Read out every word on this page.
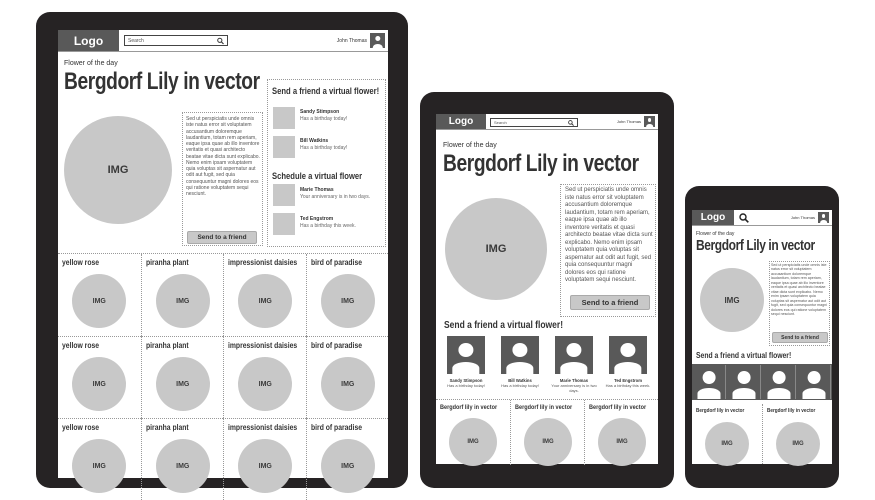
Logo	Search	John Thomas
Flower of the day
Bergdorf Lily in vector
IMG
Sed ut perspiciatis unde omnis iste natus error sit voluptatem accusantium doloremque laudantium, totam rem aperiam, eaque ipsa quae ab illo inventore veritatis et quasi architecto beatae vitae dicta sunt explicabo. Nemo enim ipsam voluptatem quia voluptas sit aspernatur aut odit aut fugit, sed quia consequuntur magni dolores eos qui ratione voluptatem sequi nesciunt.
Send to a friend
Send a friend a virtual flower!
Sandy Stimpson
Has a birthday today!
Bill Watkins
Has a birthday today!
Schedule a virtual flower
Marie Thomas
Your anniversary is in two days.
Ted Engstrom
Has a birthday this week.
yellow rose
IMG
piranha plant
IMG
impressionist daisies
IMG
bird of paradise
IMG
yellow rose
IMG
piranha plant
IMG
impressionist daisies
IMG
bird of paradise
IMG
yellow rose
IMG
piranha plant
IMG
impressionist daisies
IMG
bird of paradise
IMG
Logo	Search	John Thomas
Flower of the day
Bergdorf Lily in vector
IMG
Sed ut perspiciatis unde omnis iste natus error sit voluptatem accusantium doloremque laudantium, totam rem aperiam, eaque ipsa quae ab illo inventore veritatis et quasi architecto beatae vitae dicta sunt explicabo. Nemo enim ipsam voluptatem quia voluptas sit aspernatur aut odit aut fugit, sed quia consequuntur magni dolores eos qui ratione voluptatem sequi nesciunt.
Send to a friend
Send a friend a virtual flower!
Sandy Stimpson
Has a birthday today!
Bill Watkins
Has a birthday today!
Marie Thomas
Your anniversary is in two days.
Ted Engstrom
Has a birthday this week.
Bergdorf lily in vector
IMG
Bergdorf lily in vector
IMG
Bergdorf lily in vector
IMG
Logo	John Thomas
Flower of the day
Bergdorf Lily in vector
IMG
Sed ut perspiciatis unde omnis iste natus error sit voluptatem accusantium doloremque laudantium, totam rem aperiam, eaque ipsa quae ab illo inventore veritatis et quasi architecto beatae vitae dicta sunt explicabo. Nemo enim ipsam voluptatem quia voluptas sit aspernatur aut odit aut fugit, sed quia consequuntur magni dolores eos qui ratione voluptatem sequi nesciunt.
Send to a friend
Send a friend a virtual flower!
Bergdorf lily in vector
IMG
Bergdorf lily in vector
IMG
